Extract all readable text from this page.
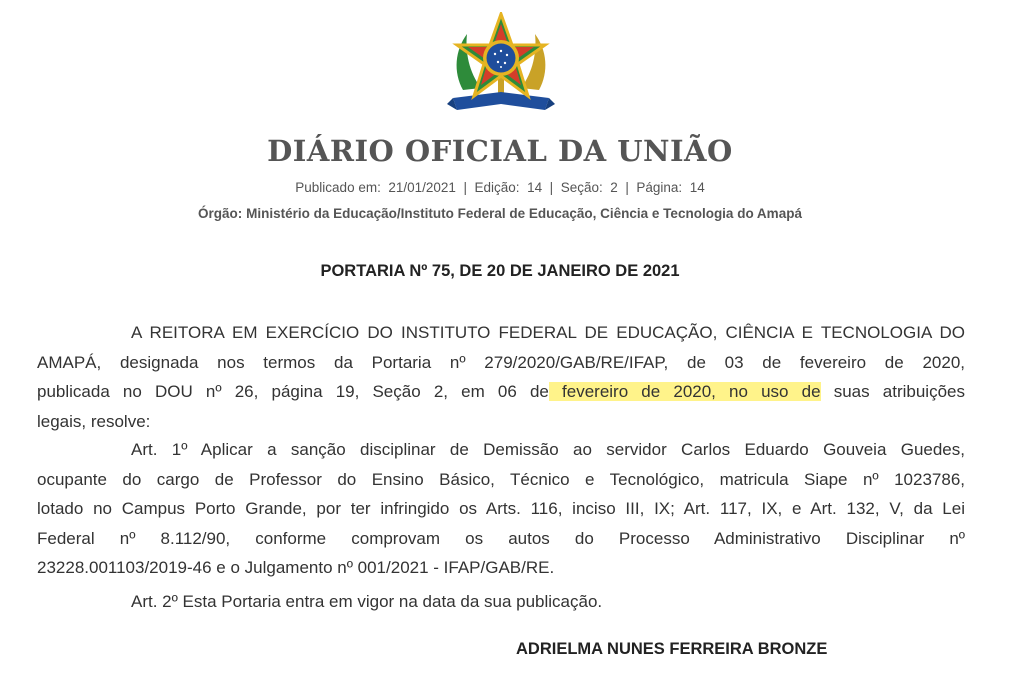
DIÁRIO OFICIAL DA UNIÃO
Publicado em: 21/01/2021 | Edição: 14 | Seção: 2 | Página: 14
Órgão: Ministério da Educação/Instituto Federal de Educação, Ciência e Tecnologia do Amapá
PORTARIA Nº 75, DE 20 DE JANEIRO DE 2021
A REITORA EM EXERCÍCIO DO INSTITUTO FEDERAL DE EDUCAÇÃO, CIÊNCIA E TECNOLOGIA DO
AMAPÁ, designada nos termos da Portaria nº 279/2020/GAB/RE/IFAP, de 03 de fevereiro de 2020,
publicada no DOU nº 26, página 19, Seção 2, em 06 de fevereiro de 2020, no uso de suas atribuições
legais, resolve:
Art. 1º Aplicar a sanção disciplinar de Demissão ao servidor Carlos Eduardo Gouveia Guedes,
ocupante do cargo de Professor do Ensino Básico, Técnico e Tecnológico, matricula Siape nº 1023786,
lotado no Campus Porto Grande, por ter infringido os Arts. 116, inciso III, IX; Art. 117, IX, e Art. 132, V, da Lei
Federal nº 8.112/90, conforme comprovam os autos do Processo Administrativo Disciplinar nº
23228.001103/2019-46 e o Julgamento nº 001/2021 - IFAP/GAB/RE.
Art. 2º Esta Portaria entra em vigor na data da sua publicação.
ADRIELMA NUNES FERREIRA BRONZE
